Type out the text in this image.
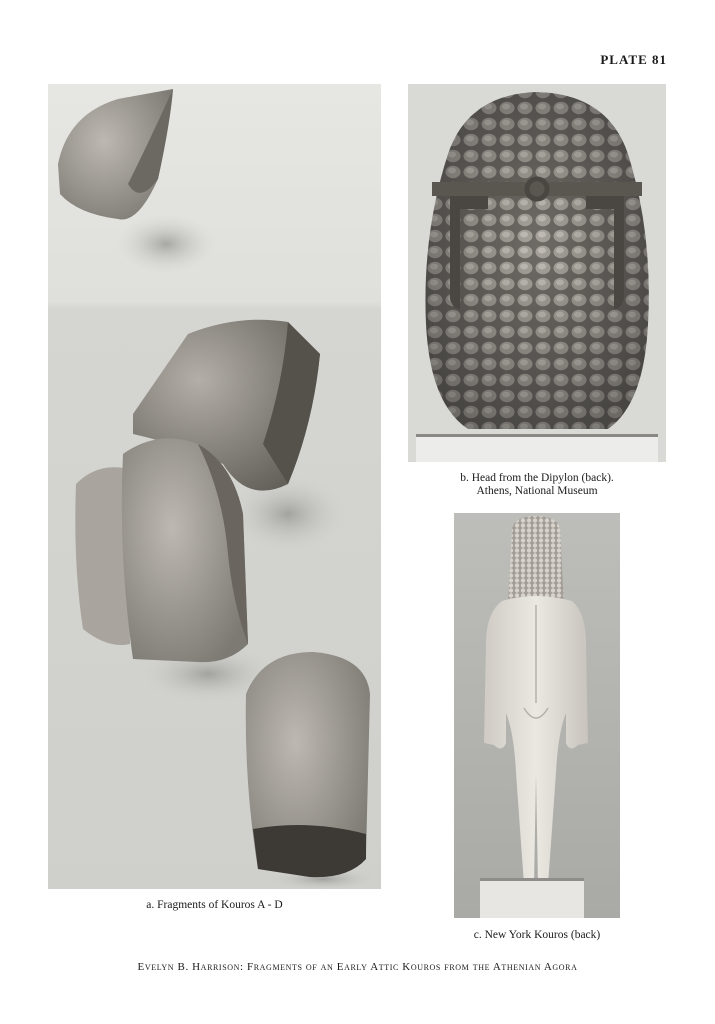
PLATE 81
b. Head from the Dipylon (back).
Athens, National Museum
a. Fragments of Kouros A - D
c. New York Kouros (back)
Evelyn B. Harrison: Fragments of an Early Attic Kouros from the Athenian Agora
